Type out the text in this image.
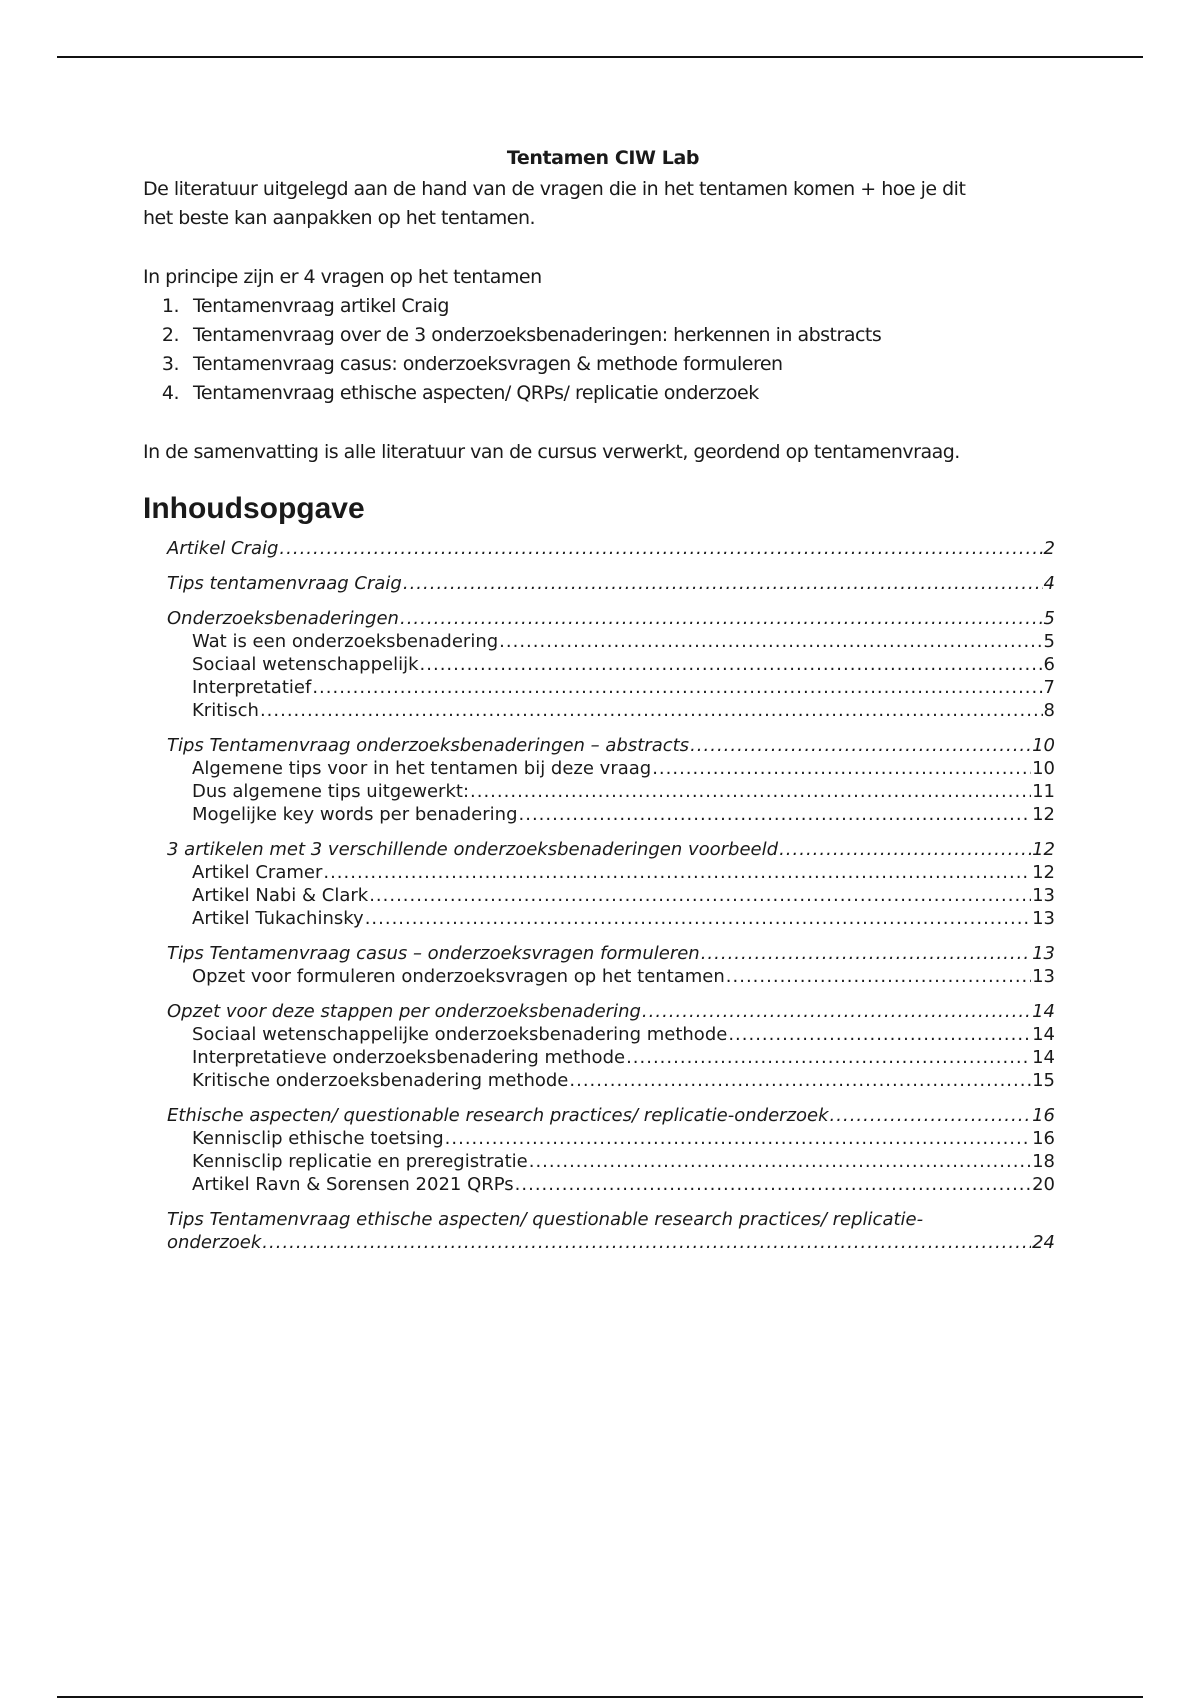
Tentamen CIW Lab

De literatuur uitgelegd aan de hand van de vragen die in het tentamen komen + hoe je dit

het beste kan aanpakken op het tentamen.

In principe zijn er 4 vragen op het tentamen

1. Tentamenvraag artikel Craig
2. Tentamenvraag over de 3 onderzoeksbenaderingen: herkennen in abstracts
3. Tentamenvraag casus: onderzoeksvragen & methode formuleren
4. Tentamenvraag ethische aspecten/ QRPs/ replicatie onderzoek

In de samenvatting is alle literatuur van de cursus verwerkt, geordend op tentamenvraag.

Inhoudsopgave
Artikel Craig .....	2
Tips tentamenvraag Craig .....	4
Onderzoeksbenaderingen .....	5
Wat is een onderzoeksbenadering .....	5
Sociaal wetenschappelijk .....	6
Interpretatief .....	7
Kritisch .....	8
Tips Tentamenvraag onderzoeksbenaderingen – abstracts .....	10
Algemene tips voor in het tentamen bij deze vraag .....	10
Dus algemene tips uitgewerkt: .....	11
Mogelijke key words per benadering .....	12
3 artikelen met 3 verschillende onderzoeksbenaderingen voorbeeld .....	12
Artikel Cramer .....	12
Artikel Nabi & Clark .....	13
Artikel Tukachinsky .....	13
Tips Tentamenvraag casus – onderzoeksvragen formuleren .....	13
Opzet voor formuleren onderzoeksvragen op het tentamen .....	13
Opzet voor deze stappen per onderzoeksbenadering .....	14
Sociaal wetenschappelijke onderzoeksbenadering methode .....	14
Interpretatieve onderzoeksbenadering methode .....	14
Kritische onderzoeksbenadering methode .....	15
Ethische aspecten/ questionable research practices/ replicatie-onderzoek .....	16
Kennisclip ethische toetsing .....	16
Kennisclip replicatie en preregistratie .....	18
Artikel Ravn & Sorensen 2021 QRPs .....	20
Tips Tentamenvraag ethische aspecten/ questionable research practices/ replicatie-
onderzoek .....	24
